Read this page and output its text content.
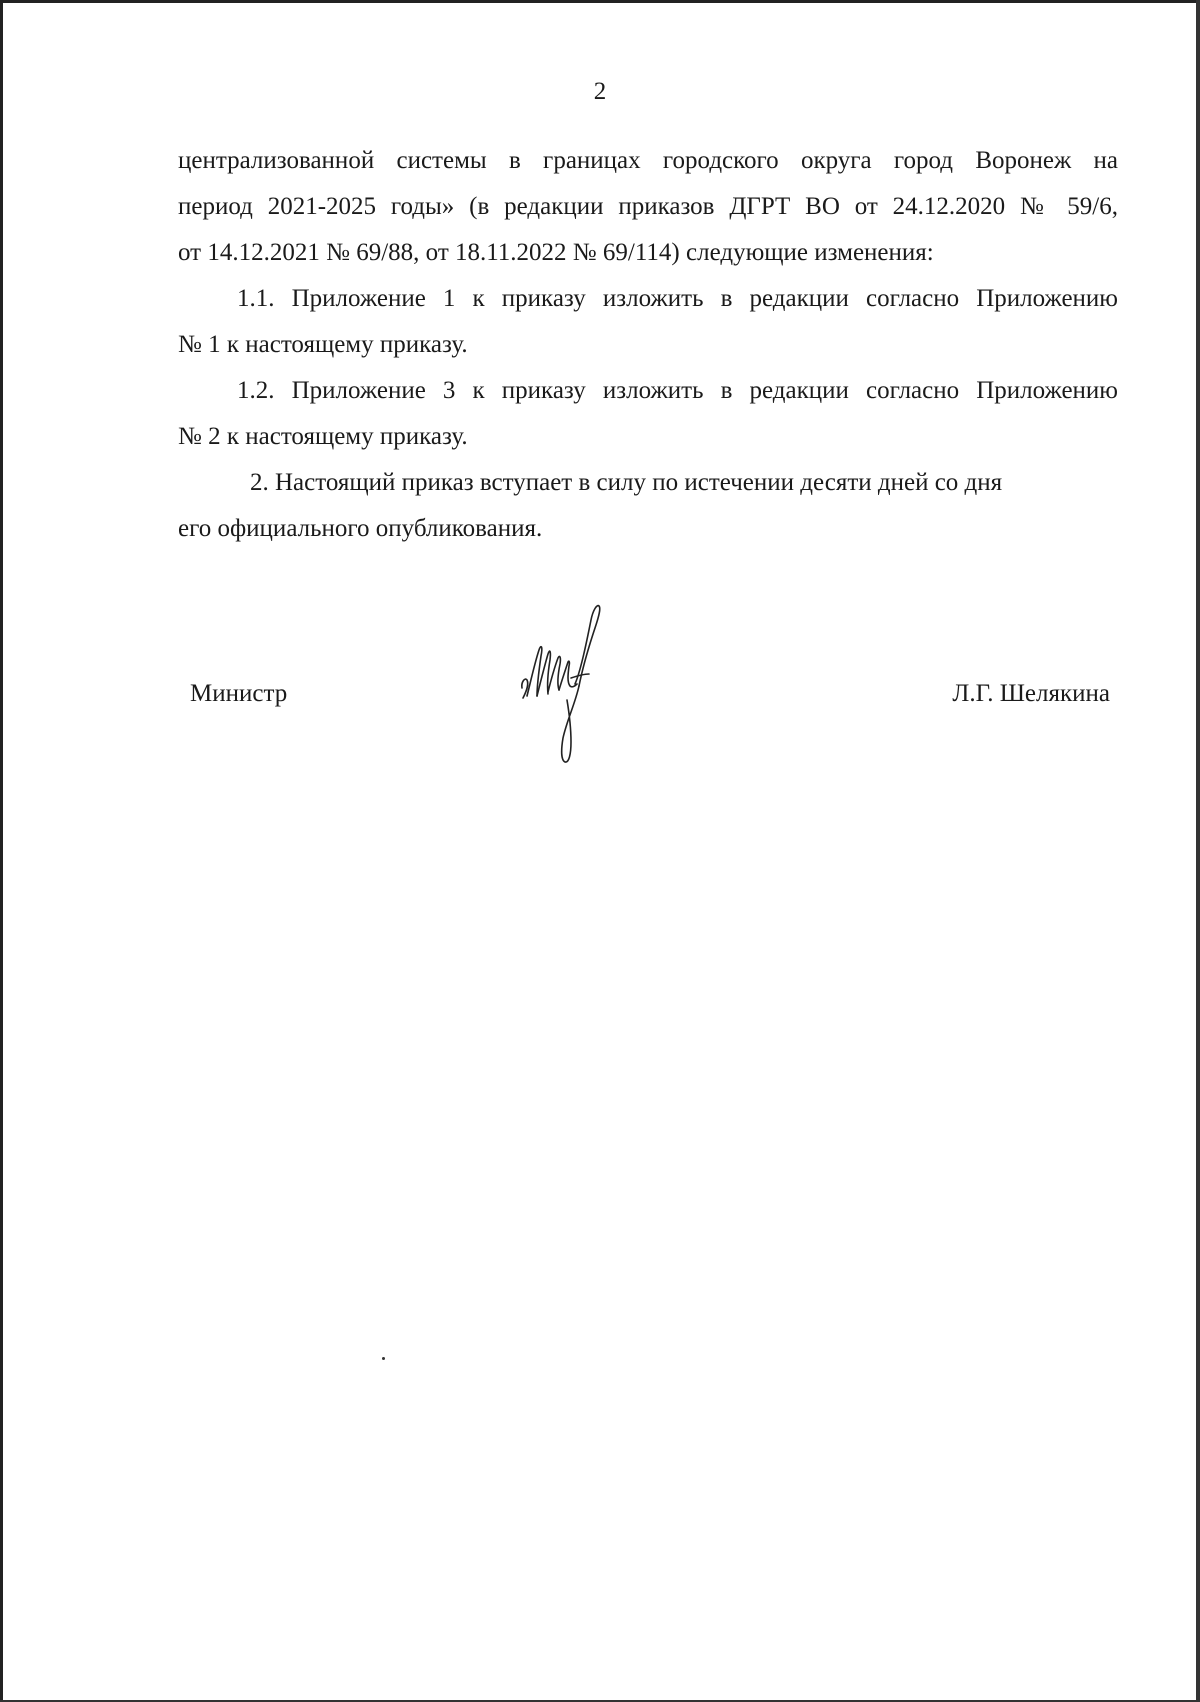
2
централизованной системы в границах городского округа город Воронеж на
период 2021-2025 годы» (в редакции приказов ДГРТ ВО от 24.12.2020 № 59/6,
от 14.12.2021 № 69/88, от 18.11.2022 № 69/114) следующие изменения:
1.1. Приложение 1 к приказу изложить в редакции согласно Приложению
№ 1 к настоящему приказу.
1.2. Приложение 3 к приказу изложить в редакции согласно Приложению
№ 2 к настоящему приказу.
2. Настоящий приказ вступает в силу по истечении десяти дней со дня
его официального опубликования.
Министр	Л.Г. Шелякина
